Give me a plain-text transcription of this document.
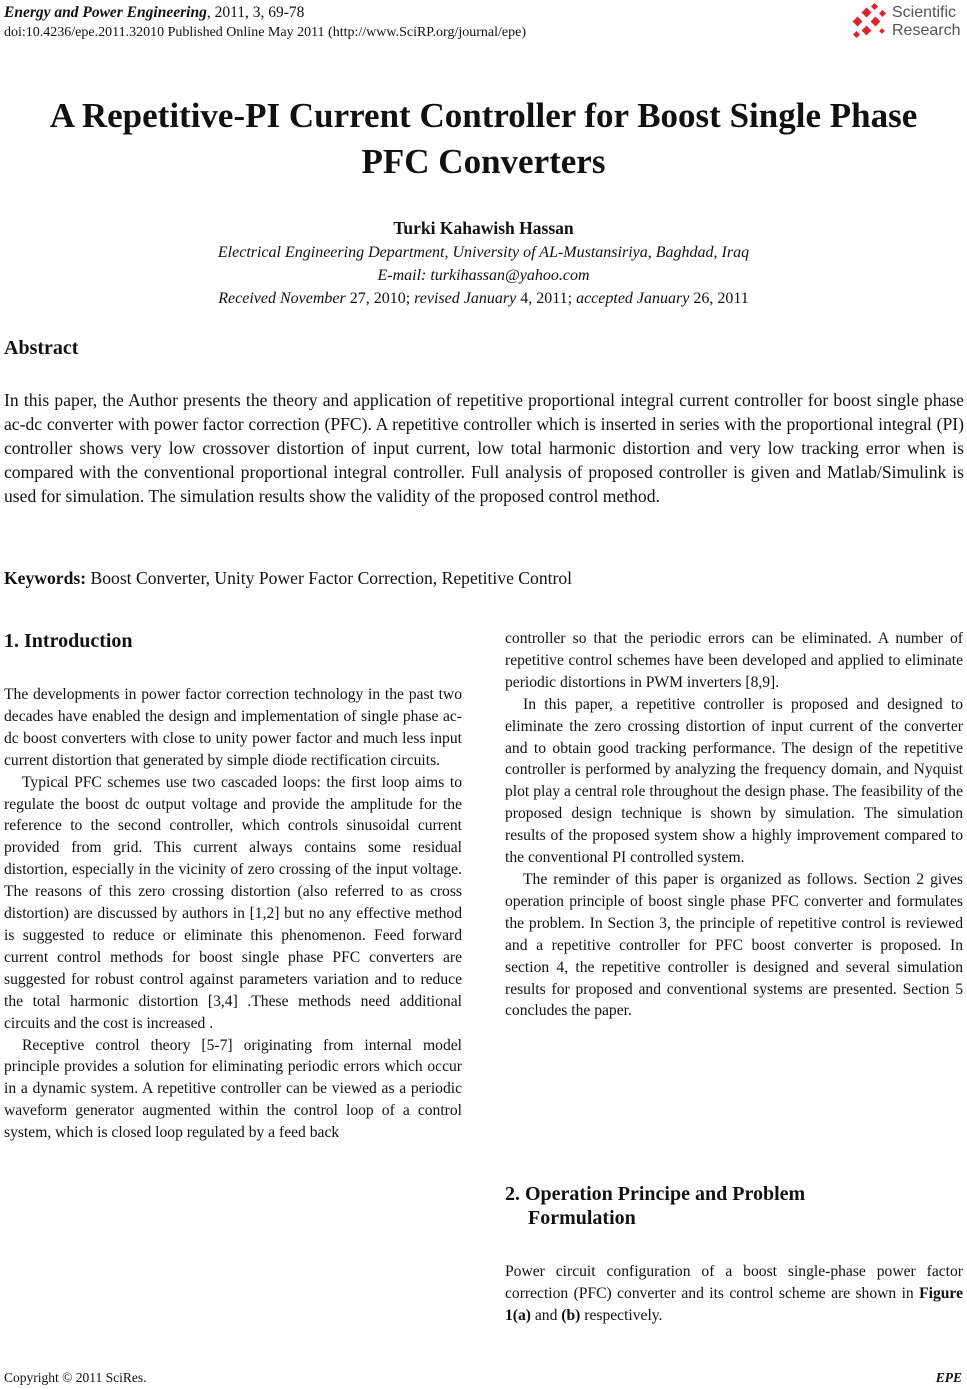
Energy and Power Engineering, 2011, 3, 69-78
doi:10.4236/epe.2011.32010 Published Online May 2011 (http://www.SciRP.org/journal/epe)
Scientific
Research
A Repetitive-PI Current Controller for Boost Single Phase
PFC Converters
Turki Kahawish Hassan
Electrical Engineering Department, University of AL-Mustansiriya, Baghdad, Iraq
E-mail: turkihassan@yahoo.com
Received November 27, 2010; revised January 4, 2011; accepted January 26, 2011
Abstract

In this paper, the Author presents the theory and application of repetitive proportional integral current controller for boost single phase ac-dc converter with power factor correction (PFC). A repetitive controller which is inserted in series with the proportional integral (PI) controller shows very low crossover distortion of input current, low total harmonic distortion and very low tracking error when is compared with the conventional proportional integral controller. Full analysis of proposed controller is given and Matlab/Simulink is used for simulation. The simulation results show the validity of the proposed control method.

Keywords: Boost Converter, Unity Power Factor Correction, Repetitive Control
1. Introduction

The developments in power factor correction technology in the past two decades have enabled the design and implementation of single phase ac-dc boost converters with close to unity power factor and much less input current distortion that generated by simple diode rectification circuits.

Typical PFC schemes use two cascaded loops: the first loop aims to regulate the boost dc output voltage and provide the amplitude for the reference to the second controller, which controls sinusoidal current provided from grid. This current always contains some residual distortion, especially in the vicinity of zero crossing of the input voltage. The reasons of this zero crossing distortion (also referred to as cross distortion) are discussed by authors in [1,2] but no any effective method is suggested to reduce or eliminate this phenomenon. Feed forward current control methods for boost single phase PFC converters are suggested for robust control against parameters variation and to reduce the total harmonic distortion [3,4] .These methods need additional circuits and the cost is increased .

Receptive control theory [5-7] originating from internal model principle provides a solution for eliminating periodic errors which occur in a dynamic system. A repetitive controller can be viewed as a periodic waveform generator augmented within the control loop of a control system, which is closed loop regulated by a feed back

controller so that the periodic errors can be eliminated. A number of repetitive control schemes have been developed and applied to eliminate periodic distortions in PWM inverters [8,9].

In this paper, a repetitive controller is proposed and designed to eliminate the zero crossing distortion of input current of the converter and to obtain good tracking performance. The design of the repetitive controller is performed by analyzing the frequency domain, and Nyquist plot play a central role throughout the design phase. The feasibility of the proposed design technique is shown by simulation. The simulation results of the proposed system show a highly improvement compared to the conventional PI controlled system.

The reminder of this paper is organized as follows. Section 2 gives operation principle of boost single phase PFC converter and formulates the problem. In Section 3, the principle of repetitive control is reviewed and a repetitive controller for PFC boost converter is proposed. In section 4, the repetitive controller is designed and several simulation results for proposed and conventional systems are presented. Section 5 concludes the paper.

2. Operation Principe and Problem
Formulation

Power circuit configuration of a boost single-phase power factor correction (PFC) converter and its control scheme are shown in Figure 1(a) and (b) respectively.

Copyright © 2011 SciRes.	EPE
